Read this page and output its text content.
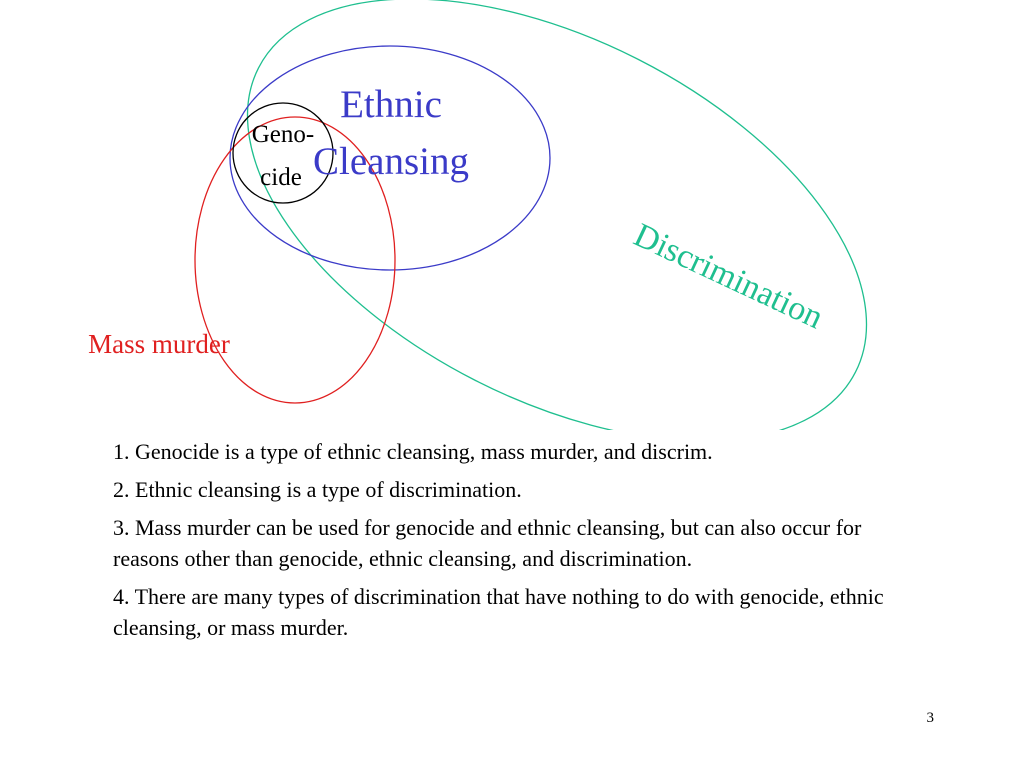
Geno-
cide
Ethnic
Cleansing
Discrimination
Mass murder
1. Genocide is a type of ethnic cleansing, mass murder, and discrim.
2. Ethnic cleansing is a type of discrimination.
3. Mass murder can be used for genocide and ethnic cleansing, but can also occur for reasons other than genocide, ethnic cleansing, and discrimination.
4. There are many types of discrimination that have nothing to do with genocide, ethnic cleansing, or mass murder.
3
